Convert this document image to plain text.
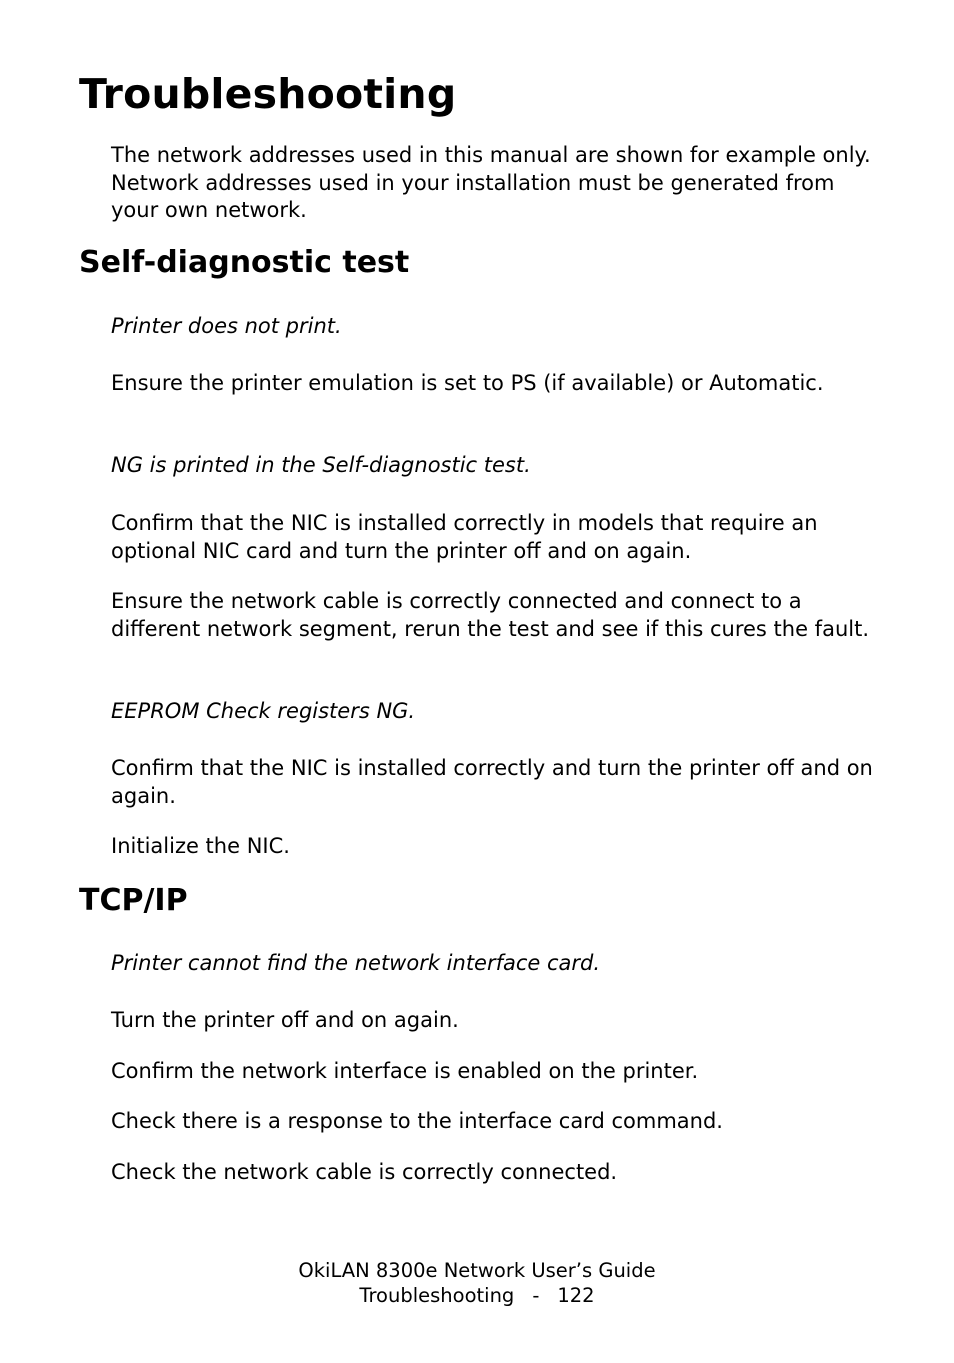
Troubleshooting

The network addresses used in this manual are shown for example only. Network addresses used in your installation must be generated from your own network.

Self-diagnostic test

Printer does not print.

Ensure the printer emulation is set to PS (if available) or Automatic.

NG is printed in the Self-diagnostic test.

Confirm that the NIC is installed correctly in models that require an optional NIC card and turn the printer off and on again.

Ensure the network cable is correctly connected and connect to a different network segment, rerun the test and see if this cures the fault.

EEPROM Check registers NG.

Confirm that the NIC is installed correctly and turn the printer off and on again.

Initialize the NIC.

TCP/IP

Printer cannot find the network interface card.

Turn the printer off and on again.

Confirm the network interface is enabled on the printer.

Check there is a response to the interface card command.

Check the network cable is correctly connected.

OkiLAN 8300e Network User’s Guide
Troubleshooting - 122
